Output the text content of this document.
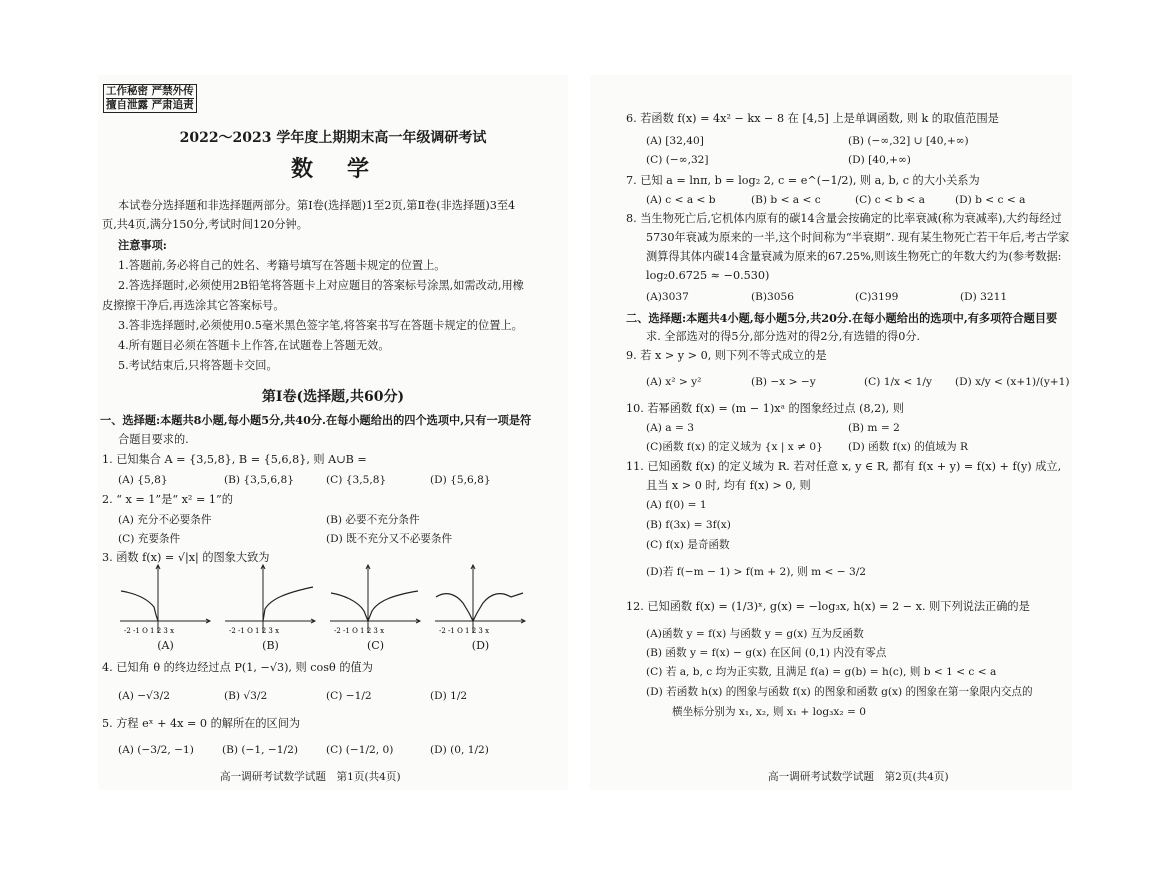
工作秘密 严禁外传
擅自泄露 严肃追责
2022～2023 学年度上期期末高一年级调研考试
数　学
本试卷分选择题和非选择题两部分。第Ⅰ卷(选择题)1至2页,第Ⅱ卷(非选择题)3至4
页,共4页,满分150分,考试时间120分钟。
注意事项:
1.答题前,务必将自己的姓名、考籍号填写在答题卡规定的位置上。
2.答选择题时,必须使用2B铅笔将答题卡上对应题目的答案标号涂黑,如需改动,用橡
皮擦擦干净后,再选涂其它答案标号。
3.答非选择题时,必须使用0.5毫米黑色签字笔,将答案书写在答题卡规定的位置上。
4.所有题目必须在答题卡上作答,在试题卷上答题无效。
5.考试结束后,只将答题卡交回。
第Ⅰ卷(选择题,共60分)
一、选择题:本题共8小题,每小题5分,共40分.在每小题给出的四个选项中,只有一项是符
合题目要求的.
1. 已知集合 A = {3,5,8}, B = {5,6,8}, 则 A∪B =
(A) {5,8}	(B) {3,5,6,8}	(C) {3,5,8}	(D) {5,6,8}
2. “ x = 1”是“ x² = 1”的
(A) 充分不必要条件	(B) 必要不充分条件
(C) 充要条件	(D) 既不充分又不必要条件
3. 函数 f(x) = √|x| 的图象大致为
-2 -1 O 1 2 3 x	-2 -1 O 1 2 3 x	-2 -1 O 1 2 3 x	-2 -1 O 1 2 3 x
(A)	(B)	(C)	(D)
4. 已知角 θ 的终边经过点 P(1, −√3), 则 cosθ 的值为
(A) −√3/2	(B) √3/2	(C) −1/2	(D) 1/2
5. 方程 eˣ + 4x = 0 的解所在的区间为
(A) (−3/2, −1)	(B) (−1, −1/2)	(C) (−1/2, 0)	(D) (0, 1/2)
高一调研考试数学试题　第1页(共4页)
6. 若函数 f(x) = 4x² − kx − 8 在 [4,5] 上是单调函数, 则 k 的取值范围是
(A) [32,40]	(B) (−∞,32] ∪ [40,+∞)
(C) (−∞,32]	(D) [40,+∞)
7. 已知 a = lnπ, b = log₂ 2, c = e^(−1/2), 则 a, b, c 的大小关系为
(A) c < a < b	(B) b < a < c	(C) c < b < a	(D) b < c < a
8. 当生物死亡后,它机体内原有的碳14含量会按确定的比率衰减(称为衰减率),大约每经过
5730年衰减为原来的一半,这个时间称为“半衰期”. 现有某生物死亡若干年后,考古学家
测算得其体内碳14含量衰减为原来的67.25%,则该生物死亡的年数大约为(参考数据:
log₂0.6725 ≈ −0.530)
(A)3037	(B)3056	(C)3199	(D) 3211
二、选择题:本题共4小题,每小题5分,共20分.在每小题给出的选项中,有多项符合题目要
求. 全部选对的得5分,部分选对的得2分,有选错的得0分.
9. 若 x > y > 0, 则下列不等式成立的是
(A) x² > y²	(B) −x > −y	(C) 1/x < 1/y (D) x/y < (x+1)/(y+1)
10. 若幂函数 f(x) = (m − 1)xᵃ 的图象经过点 (8,2), 则
(A) a = 3	(B) m = 2
(C)函数 f(x) 的定义域为 {x | x ≠ 0} (D) 函数 f(x) 的值域为 R
11. 已知函数 f(x) 的定义域为 R. 若对任意 x, y ∈ R, 都有 f(x + y) = f(x) + f(y) 成立,
且当 x > 0 时, 均有 f(x) > 0, 则
(A) f(0) = 1
(B) f(3x) = 3f(x)
(C) f(x) 是奇函数
(D)若 f(−m − 1) > f(m + 2), 则 m < − 3/2
12. 已知函数 f(x) = (1/3)ˣ, g(x) = −log₃x, h(x) = 2 − x. 则下列说法正确的是
(A)函数 y = f(x) 与函数 y = g(x) 互为反函数
(B) 函数 y = f(x) − g(x) 在区间 (0,1) 内没有零点
(C) 若 a, b, c 均为正实数, 且满足 f(a) = g(b) = h(c), 则 b < 1 < c < a
(D) 若函数 h(x) 的图象与函数 f(x) 的图象和函数 g(x) 的图象在第一象限内交点的
横坐标分别为 x₁, x₂, 则 x₁ + log₃x₂ = 0
高一调研考试数学试题　第2页(共4页)
